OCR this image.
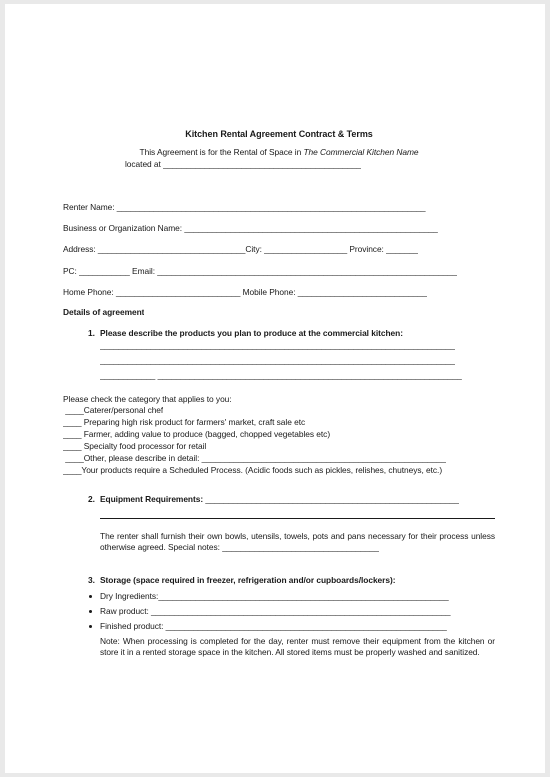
Kitchen Rental Agreement Contract & Terms
This Agreement is for the Rental of Space in The Commercial Kitchen Name
located at ___________________________________________
Renter Name: ___________________________________________________________________
Business or Organization Name: _______________________________________________________
Address: ________________________________City: __________________ Province: _______
PC: ___________ Email: _________________________________________________________________
Home Phone: ___________________________ Mobile Phone: ____________________________
Details of agreement
1. Please describe the products you plan to produce at the commercial kitchen:
_____________________________________________________________________________
_____________________________________________________________________________
____________ __________________________________________________________________
Please check the category that applies to you:
____Caterer/personal chef
____ Preparing high risk product for farmers' market, craft sale etc
____ Farmer, adding value to produce (bagged, chopped vegetables etc)
____ Specialty food processor for retail
____Other, please describe in detail: _____________________________________________________
____Your products require a Scheduled Process. (Acidic foods such as pickles, relishes, chutneys, etc.)
2. Equipment Requirements: _______________________________________________________
The renter shall furnish their own bowls, utensils, towels, pots and pans necessary for their process unless otherwise agreed. Special notes: __________________________________
3. Storage (space required in freezer, refrigeration and/or cupboards/lockers):
Dry Ingredients:_______________________________________________________________
Raw product: _________________________________________________________________
Finished product: _____________________________________________________________
Note: When processing is completed for the day, renter must remove their equipment from the kitchen or store it in a rented storage space in the kitchen. All stored items must be properly washed and sanitized.
